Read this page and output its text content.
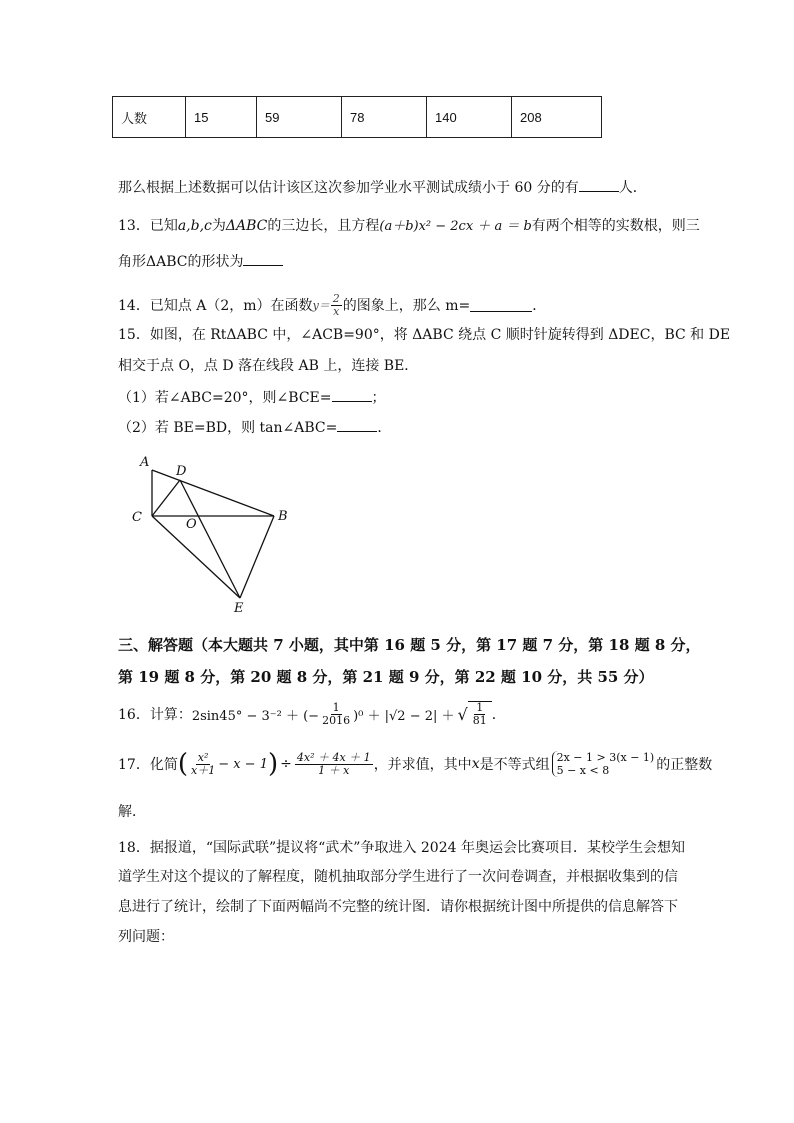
人数	15	59	78	140	208
那么根据上述数据可以估计该区这次参加学业水平测试成绩小于 60 分的有	人．
13．已知a,b,c为ΔABC的三边长，且方程(a＋b)x² − 2cx ＋ a ＝ b有两个相等的实数根，则三
角形ΔABC的形状为
14．已知点 A（2，m）在函数 $y= \frac{2}{x}$ 的图象上，那么 m=	．
15．如图，在 RtΔABC 中，∠ACB=90°，将 ΔABC 绕点 C 顺时针旋转得到 ΔDEC，BC 和 DE
相交于点 O，点 D 落在线段 AB 上，连接 BE．
（1）若∠ABC=20°，则∠BCE=	；
（2）若 BE=BD，则 tan∠ABC=	．
A
D
C	O
B
E
三、解答题（本大题共 7 小题，其中第 16 题 5 分，第 17 题 7 分，第 18 题 8 分，
第 19 题 8 分，第 20 题 8 分，第 21 题 9 分，第 22 题 10 分，共 55 分）
16．计算： 2sin45° − 3⁻² ＋ (− $\frac{1}{2016} )^0 + |√2 - 2|$ ＋ √ $\frac{1}{81}$ ．
17．化简 ( $\frac{\text{x²}}{x+1} - x - 1$ ) ÷ $\frac{\text{4x² ＋ 4x ＋ 1}}{1 + x}$ ，并求值，其中 x 是不等式组 2x − 1 > 3(x − 1)
5 − x < 8	的正整数
解．
18．据报道，“国际武联”提议将“武术”争取进入 2024 年奥运会比赛项目．某校学生会想知
道学生对这个提议的了解程度，随机抽取部分学生进行了一次问卷调查，并根据收集到的信
息进行了统计，绘制了下面两幅尚不完整的统计图．请你根据统计图中所提供的信息解答下
列问题：
